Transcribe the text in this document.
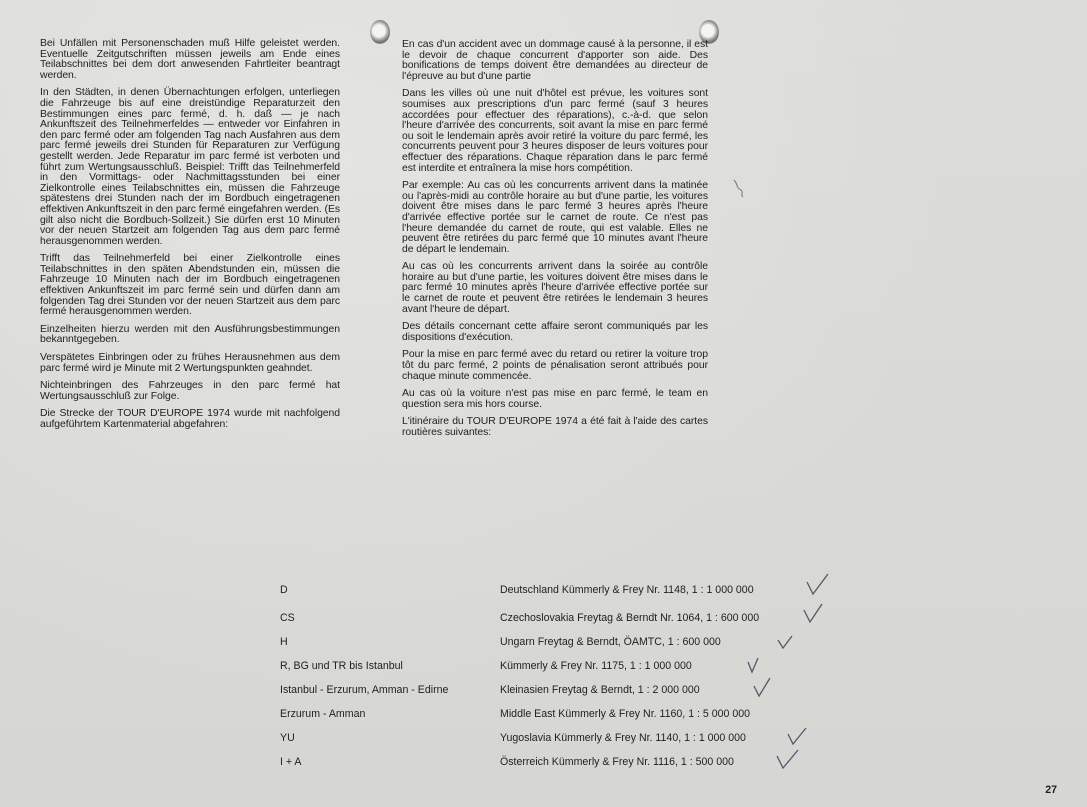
Bei Unfällen mit Personenschaden muß Hilfe geleistet werden. Eventuelle Zeitgutschriften müssen jeweils am Ende eines Teilabschnittes bei dem dort anwesenden Fahrtleiter beantragt werden.

In den Städten, in denen Übernachtungen erfolgen, unterliegen die Fahrzeuge bis auf eine dreistündige Reparaturzeit den Bestimmungen eines parc fermé, d. h. daß — je nach Ankunftszeit des Teilnehmerfeldes — entweder vor Einfahren in den parc fermé oder am folgenden Tag nach Ausfahren aus dem parc fermé jeweils drei Stunden für Reparaturen zur Verfügung gestellt werden. Jede Reparatur im parc fermé ist verboten und führt zum Wertungsausschluß. Beispiel: Trifft das Teilnehmerfeld in den Vormittags- oder Nachmittagsstunden bei einer Zielkontrolle eines Teilabschnittes ein, müssen die Fahrzeuge spätestens drei Stunden nach der im Bordbuch eingetragenen effektiven Ankunftszeit in den parc fermé eingefahren werden. (Es gilt also nicht die Bordbuch-Sollzeit.) Sie dürfen erst 10 Minuten vor der neuen Startzeit am folgenden Tag aus dem parc fermé herausgenommen werden.

Trifft das Teilnehmerfeld bei einer Zielkontrolle eines Teilabschnittes in den späten Abendstunden ein, müssen die Fahrzeuge 10 Minuten nach der im Bordbuch eingetragenen effektiven Ankunftszeit im parc fermé sein und dürfen dann am folgenden Tag drei Stunden vor der neuen Startzeit aus dem parc fermé herausgenommen werden.

Einzelheiten hierzu werden mit den Ausführungsbestimmungen bekanntgegeben.

Verspätetes Einbringen oder zu frühes Herausnehmen aus dem parc fermé wird je Minute mit 2 Wertungspunkten geahndet.

Nichteinbringen des Fahrzeuges in den parc fermé hat Wertungsausschluß zur Folge.

Die Strecke der TOUR D'EUROPE 1974 wurde mit nachfolgend aufgeführtem Kartenmaterial abgefahren:

En cas d'un accident avec un dommage causé à la personne, il est le devoir de chaque concurrent d'apporter son aide. Des bonifications de temps doivent être demandées au directeur de l'épreuve au but d'une partie

Dans les villes où une nuit d'hôtel est prévue, les voitures sont soumises aux prescriptions d'un parc fermé (sauf 3 heures accordées pour effectuer des réparations), c.-à-d. que selon l'heure d'arrivée des concurrents, soit avant la mise en parc fermé ou soit le lendemain après avoir retiré la voiture du parc fermé, les concurrents peuvent pour 3 heures disposer de leurs voitures pour effectuer des réparations. Chaque réparation dans le parc fermé est interdite et entraînera la mise hors compétition.

Par exemple: Au cas où les concurrents arrivent dans la matinée ou l'après-midi au contrôle horaire au but d'une partie, les voitures doivent être mises dans le parc fermé 3 heures après l'heure d'arrivée effective portée sur le carnet de route. Ce n'est pas l'heure demandée du carnet de route, qui est valable. Elles ne peuvent être retirées du parc fermé que 10 minutes avant l'heure de départ le lendemain.

Au cas où les concurrents arrivent dans la soirée au contrôle horaire au but d'une partie, les voitures doivent être mises dans le parc fermé 10 minutes après l'heure d'arrivée effective portée sur le carnet de route et peuvent être retirées le lendemain 3 heures avant l'heure de départ.

Des détails concernant cette affaire seront communiqués par les dispositions d'exécution.

Pour la mise en parc fermé avec du retard ou retirer la voiture trop tôt du parc fermé, 2 points de pénalisation seront attribués pour chaque minute commencée.

Au cas où la voiture n'est pas mise en parc fermé, le team en question sera mis hors course.

L'itinéraire du TOUR D'EUROPE 1974 a été fait à l'aide des cartes routières suivantes:

D	Deutschland Kümmerly & Frey Nr. 1148, 1 : 1 000 000
CS	Czechoslovakia Freytag & Berndt Nr. 1064, 1 : 600 000
H	Ungarn Freytag & Berndt, ÖAMTC, 1 : 600 000
R, BG und TR bis Istanbul	Kümmerly & Frey Nr. 1175, 1 : 1 000 000
Istanbul - Erzurum, Amman - Edirne	Kleinasien Freytag & Berndt, 1 : 2 000 000
Erzurum - Amman	Middle East Kümmerly & Frey Nr. 1160, 1 : 5 000 000
YU	Yugoslavia Kümmerly & Frey Nr. 1140, 1 : 1 000 000
I + A	Österreich Kümmerly & Frey Nr. 1116, 1 : 500 000
27
